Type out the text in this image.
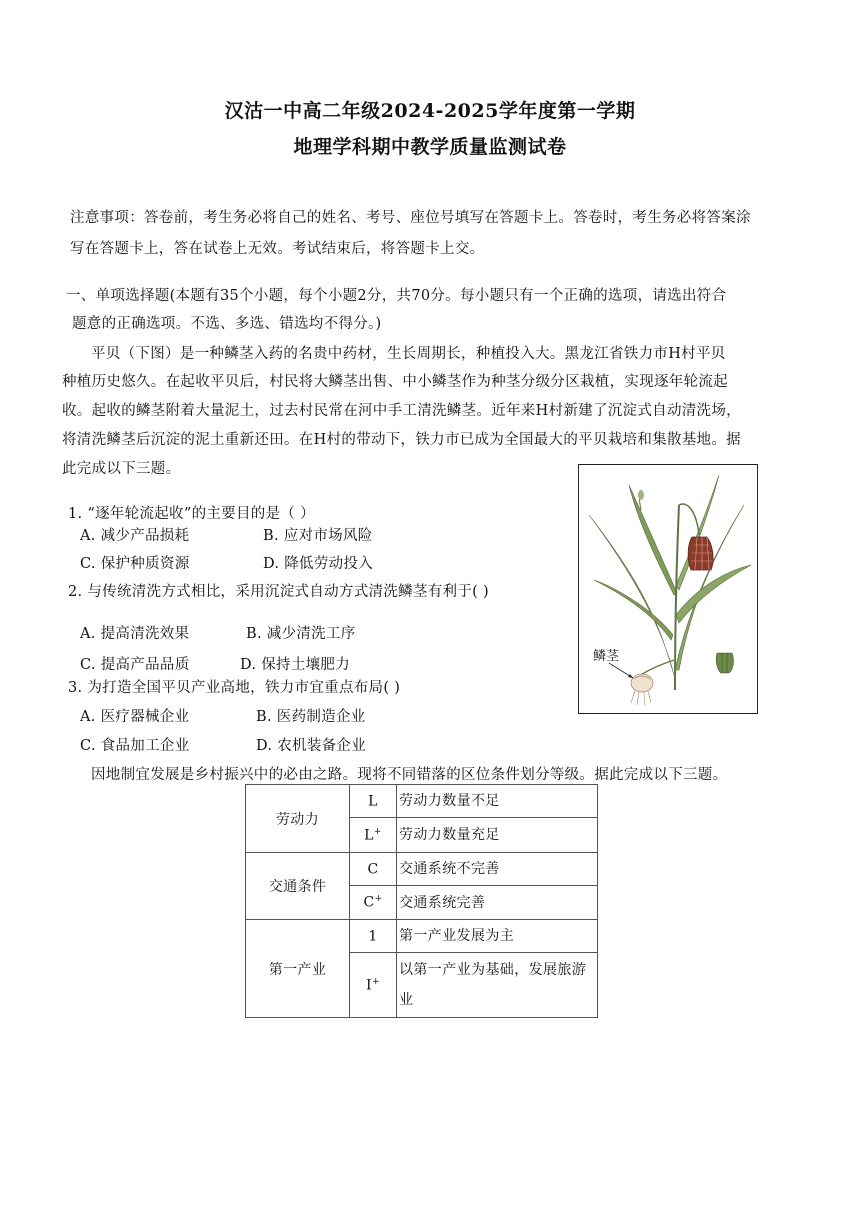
汉沽一中高二年级2024-2025学年度第一学期
地理学科期中教学质量监测试卷
注意事项：答卷前，考生务必将自己的姓名、考号、座位号填写在答题卡上。答卷时，考生务必将答案涂
写在答题卡上，答在试卷上无效。考试结束后，将答题卡上交。
一、单项选择题(本题有35个小题，每个小题2分，共70分。每小题只有一个正确的选项，请选出符合
题意的正确选项。不选、多选、错选均不得分。)
平贝（下图）是一种鳞茎入药的名贵中药材，生长周期长，种植投入大。黑龙江省铁力市H村平贝
种植历史悠久。在起收平贝后，村民将大鳞茎出售、中小鳞茎作为种茎分级分区栽植，实现逐年轮流起
收。起收的鳞茎附着大量泥土，过去村民常在河中手工清洗鳞茎。近年来H村新建了沉淀式自动清洗场，
将清洗鳞茎后沉淀的泥土重新还田。在H村的带动下，铁力市已成为全国最大的平贝栽培和集散基地。据
此完成以下三题。
鳞茎
1. “逐年轮流起收”的主要目的是（ ）
A. 减少产品损耗	B. 应对市场风险
C. 保护种质资源	D. 降低劳动投入
2. 与传统清洗方式相比，采用沉淀式自动方式清洗鳞茎有利于( )
A. 提高清洗效果	B. 减少清洗工序
C. 提高产品品质	D. 保持土壤肥力
3. 为打造全国平贝产业高地，铁力市宜重点布局( )
A. 医疗器械企业	B. 医药制造企业
C. 食品加工企业	D. 农机装备企业
因地制宜发展是乡村振兴中的必由之路。现将不同错落的区位条件划分等级。据此完成以下三题。
劳动力	L	劳动力数量不足
	L+	劳动力数量充足
交通条件	C	交通系统不完善
	C+	交通系统完善
第一产业	1	第一产业发展为主
	I+	以第一产业为基础，发展旅游业
